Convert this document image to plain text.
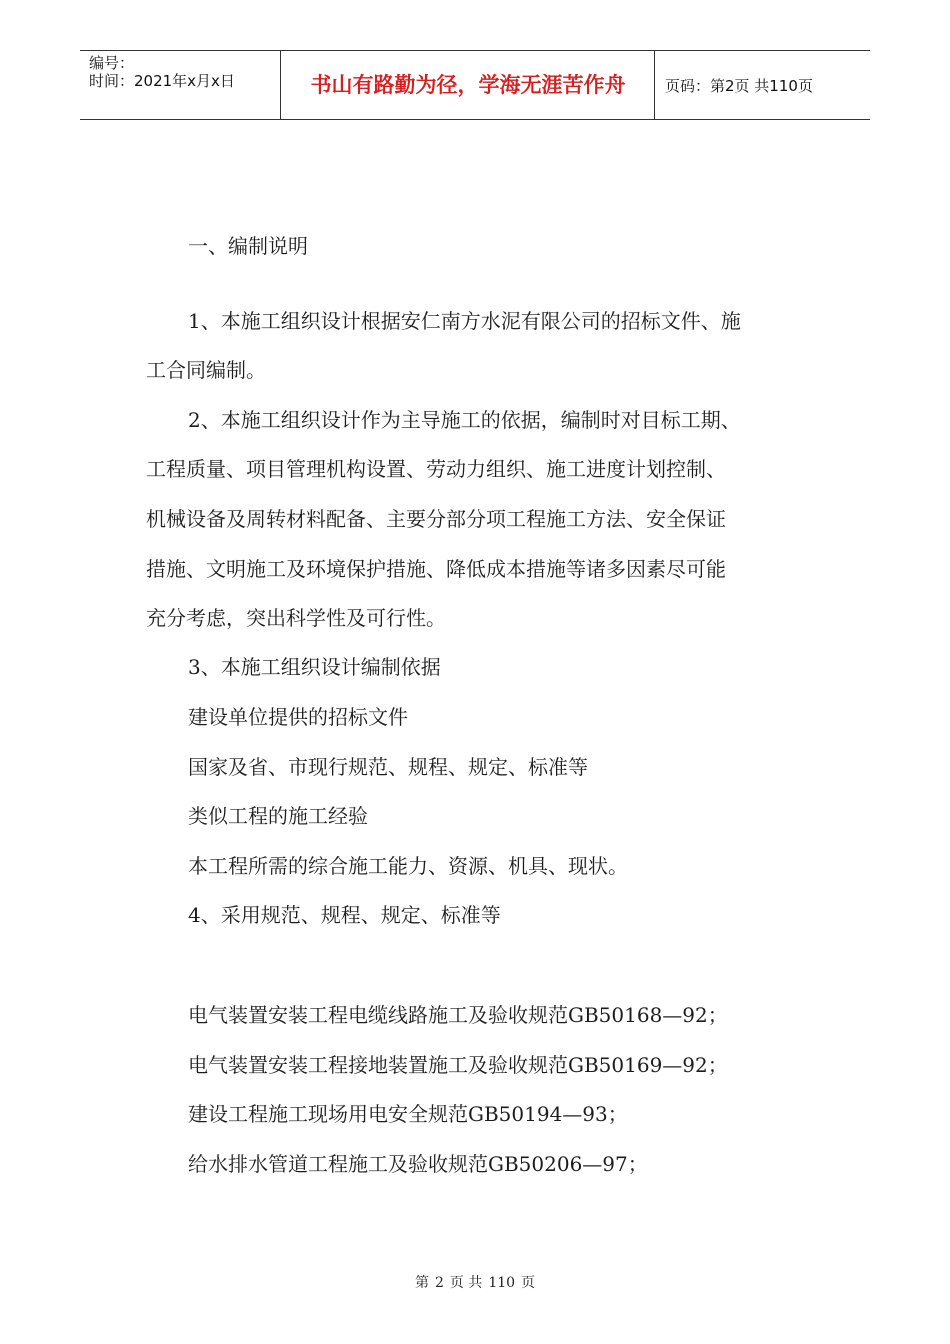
编号：
时间：2021年x月x日	书山有路勤为径，学海无涯苦作舟	页码：第2页 共110页
一、编制说明
1、本施工组织设计根据安仁南方水泥有限公司的招标文件、施
工合同编制。
2、本施工组织设计作为主导施工的依据，编制时对目标工期、
工程质量、项目管理机构设置、劳动力组织、施工进度计划控制、
机械设备及周转材料配备、主要分部分项工程施工方法、安全保证
措施、文明施工及环境保护措施、降低成本措施等诸多因素尽可能
充分考虑，突出科学性及可行性。
3、本施工组织设计编制依据
建设单位提供的招标文件
国家及省、市现行规范、规程、规定、标准等
类似工程的施工经验
本工程所需的综合施工能力、资源、机具、现状。
4、采用规范、规程、规定、标准等
电气装置安装工程电缆线路施工及验收规范GB50168—92；
电气装置安装工程接地装置施工及验收规范GB50169—92；
建设工程施工现场用电安全规范GB50194—93；
给水排水管道工程施工及验收规范GB50206—97；
第 2 页 共 110 页
